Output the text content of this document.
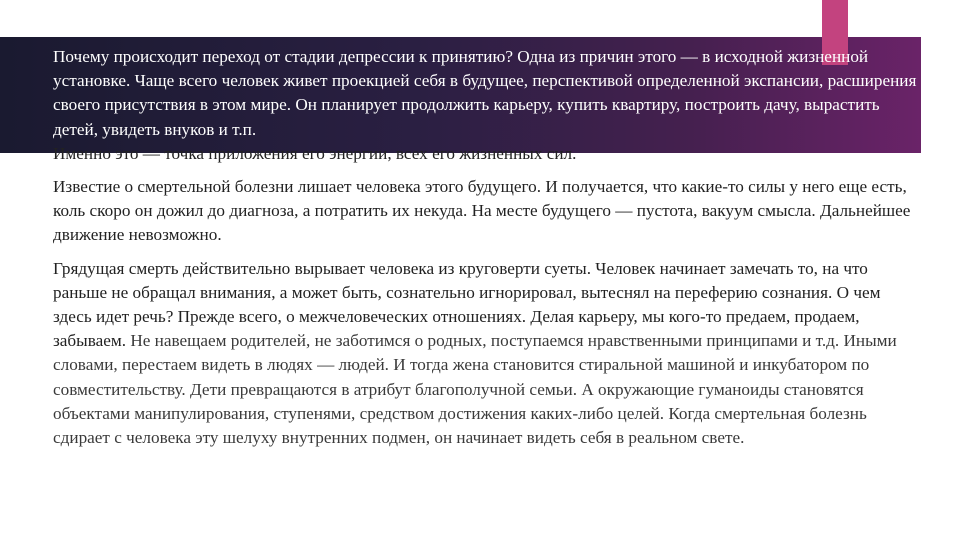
Почему происходит переход от стадии депрессии к принятию? Одна из причин этого — в исходной жизненной установке. Чаще всего человек живет проекцией себя в будущее, перспективой определенной экспансии, расширения своего присутствия в этом мире. Он планирует продолжить карьеру, купить квартиру, построить дачу, вырастить детей, увидеть внуков и т.п.

Именно это — точка приложения его энергии, всех его жизненных сил.

Известие о смертельной болезни лишает человека этого будущего. И получается, что какие-то силы у него еще есть, коль скоро он дожил до диагноза, а потратить их некуда. На месте будущего — пустота, вакуум смысла. Дальнейшее движение невозможно.

Грядущая смерть действительно вырывает человека из круговерти суеты. Человек начинает замечать то, на что раньше не обращал внимания, а может быть, сознательно игнорировал, вытеснял на переферию сознания. О чем здесь идет речь? Прежде всего, о межчеловеческих отношениях. Делая карьеру, мы кого-то предаем, продаем, забываем. Не навещаем родителей, не заботимся о родных, поступаемся нравственными принципами и т.д. Иными словами, перестаем видеть в людях — людей. И тогда жена становится стиральной машиной и инкубатором по совместительству. Дети превращаются в атрибут благополучной семьи. А окружающие гуманоиды становятся объектами манипулирования, ступенями, средством достижения каких-либо целей. Когда смертельная болезнь сдирает с человека эту шелуху внутренних подмен, он начинает видеть себя в реальном свете.
